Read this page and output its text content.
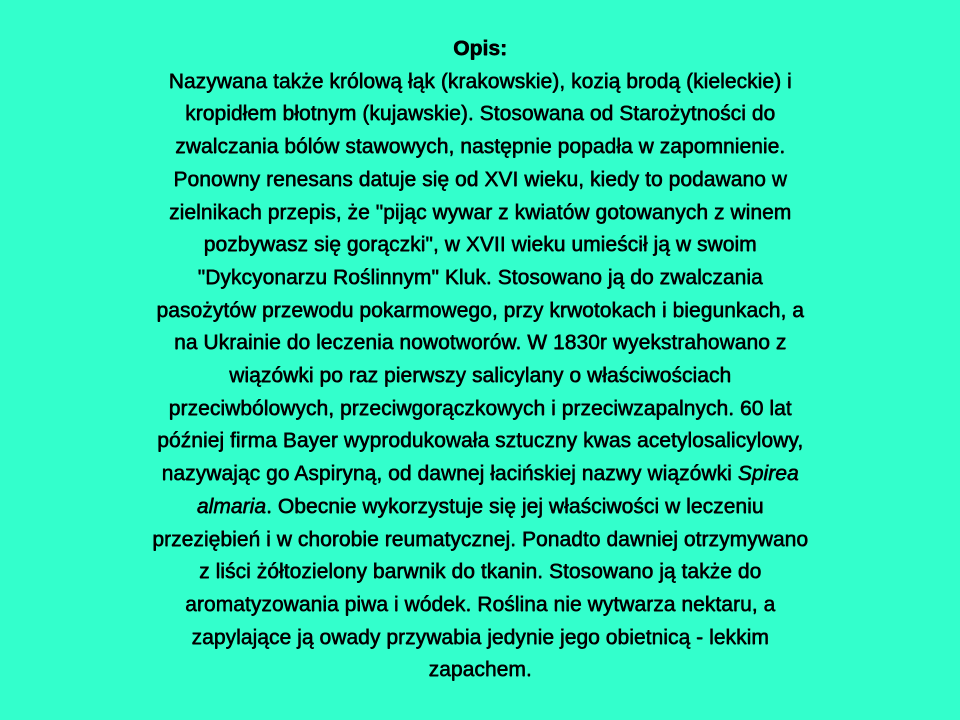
Opis:
Nazywana także królową łąk (krakowskie), kozią brodą (kieleckie) i
kropidłem błotnym (kujawskie). Stosowana od Starożytności do
zwalczania bólów stawowych, następnie popadła w zapomnienie.
Ponowny renesans datuje się od XVI wieku, kiedy to podawano w
zielnikach przepis, że "pijąc wywar z kwiatów gotowanych z winem
pozbywasz się gorączki", w XVII wieku umieścił ją w swoim
"Dykcyonarzu Roślinnym" Kluk. Stosowano ją do zwalczania
pasożytów przewodu pokarmowego, przy krwotokach i biegunkach, a
na Ukrainie do leczenia nowotworów. W 1830r wyekstrahowano z
wiązówki po raz pierwszy salicylany o właściwościach
przeciwbólowych, przeciwgorączkowych i przeciwzapalnych. 60 lat
później firma Bayer wyprodukowała sztuczny kwas acetylosalicylowy,
nazywając go Aspiryną, od dawnej łacińskiej nazwy wiązówki Spirea
almaria. Obecnie wykorzystuje się jej właściwości w leczeniu
przeziębień i w chorobie reumatycznej. Ponadto dawniej otrzymywano
z liści żółtozielony barwnik do tkanin. Stosowano ją także do
aromatyzowania piwa i wódek. Roślina nie wytwarza nektaru, a
zapylające ją owady przywabia jedynie jego obietnicą - lekkim
zapachem.
